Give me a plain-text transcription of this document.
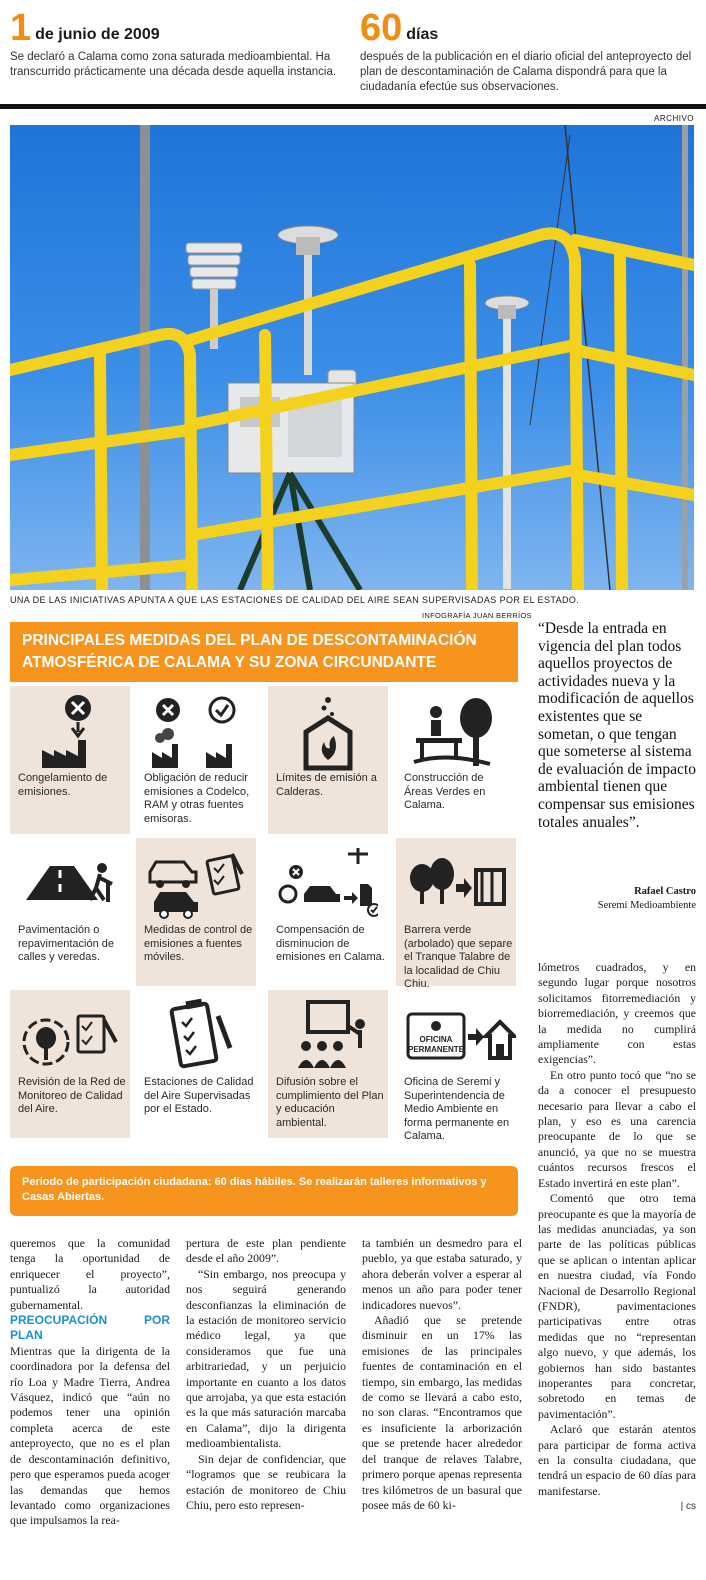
1 de junio de 2009
Se declaró a Calama como zona saturada medioambiental. Ha transcurrido prácticamente una década desde aquella instancia.
60 días
después de la publicación en el diario oficial del anteproyecto del plan de descontaminación de Calama dispondrá para que la ciudadanía efectúe sus observaciones.
ARCHIVO
UNA DE LAS INICIATIVAS APUNTA A QUE LAS ESTACIONES DE CALIDAD DEL AIRE SEAN SUPERVISADAS POR EL ESTADO.
INFOGRAFÍA JUAN BERRÍOS
PRINCIPALES MEDIDAS DEL PLAN DE DESCONTAMINACIÓN
ATMOSFÉRICA DE CALAMA Y SU ZONA CIRCUNDANTE
Congelamiento de emisiones.
Obligación de reducir emisiones a Codelco, RAM y otras fuentes emisoras.
Límites de emisión a Calderas.
Construcción de Áreas Verdes en Calama.
Pavimentación o repavimentación de calles y veredas.
Medidas de control de emisiones a fuentes móviles.
Compensación de disminucion de emisiones en Calama.
Barrera verde (arbolado) que separe el Tranque Talabre de la localidad de Chiu Chiu.
Revisión de la Red de Monitoreo de Calidad del Aire.
Estaciones de Calidad del Aire Supervisadas por el Estado.
Difusión sobre el cumplimiento del Plan y educación ambiental.
OFICINA
PERMANENTE
Oficina de Seremi y Superintendencia de Medio Ambiente en forma permanente en Calama.
Periodo de participación ciudadana: 60 días hábiles. Se realizarán talleres informativos y Casas Abiertas.
“Desde la entrada en vigencia del plan todos aquellos proyectos de actividades nueva y la modificación de aquellos existentes que se sometan, o que tengan que someterse al sistema de evaluación de impacto ambiental tienen que compensar sus emisiones totales anuales”.
Rafael Castro
Seremi Medioambiente

queremos que la comunidad tenga la oportunidad de enriquecer el proyecto”, puntualizó la autoridad gubernamental.

PREOCUPACIÓN POR PLAN

Mientras que la dirigenta de la coordinadora por la defensa del río Loa y Madre Tierra, Andrea Vásquez, indicó que “aún no podemos tener una opinión completa acerca de este anteproyecto, que no es el plan de descontaminación definitivo, pero que esperamos pueda acoger las demandas que hemos levantado como organizaciones que impulsamos la rea-

pertura de este plan pendiente desde el año 2009”.

“Sin embargo, nos preocupa y nos seguirá generando desconfianzas la eliminación de la estación de monitoreo servicio médico legal, ya que consideramos que fue una arbitrariedad, y un perjuicio importante en cuanto a los datos que arrojaba, ya que esta estación es la que más saturación marcaba en Calama”, dijo la dirigenta medioambientalista.

Sin dejar de confidenciar, que “logramos que se reubicara la estación de monitoreo de Chiu Chiu, pero esto represen-

ta también un desmedro para el pueblo, ya que estaba saturado, y ahora deberán volver a esperar al menos un año para poder tener indicadores nuevos”.

Añadió que se pretende disminuir en un 17% las emisiones de las principales fuentes de contaminación en el tiempo, sin embargo, las medidas de como se llevará a cabo esto, no son claras. “Encontramos que es insuficiente la arborización que se pretende hacer alrededor del tranque de relaves Talabre, primero porque apenas representa tres kilómetros de un basural que posee más de 60 ki-

lómetros cuadrados, y en segundo lugar porque nosotros solicitamos fitorremediación y biorremediación, y creemos que la medida no cumplirá ampliamente con estas exigencias”.

En otro punto tocó que “no se da a conocer el presupuesto necesario para llevar a cabo el plan, y eso es una carencia preocupante de lo que se anunció, ya que no se muestra cuántos recursos frescos el Estado invertirá en este plan”.

Comentó que otro tema preocupante es que la mayoría de las medidas anunciadas, ya son parte de las políticas públicas que se aplican o intentan aplicar en nuestra ciudad, vía Fondo Nacional de Desarrollo Regional (FNDR), pavimentaciones participativas entre otras medidas que no “representan algo nuevo, y que además, los gobiernos han sido bastantes inoperantes para concretar, sobretodo en temas de pavimentación”.

Aclaró que estarán atentos para participar de forma activa en la consulta ciudadana, que tendrá un espacio de 60 días para manifestarse.

| cs
